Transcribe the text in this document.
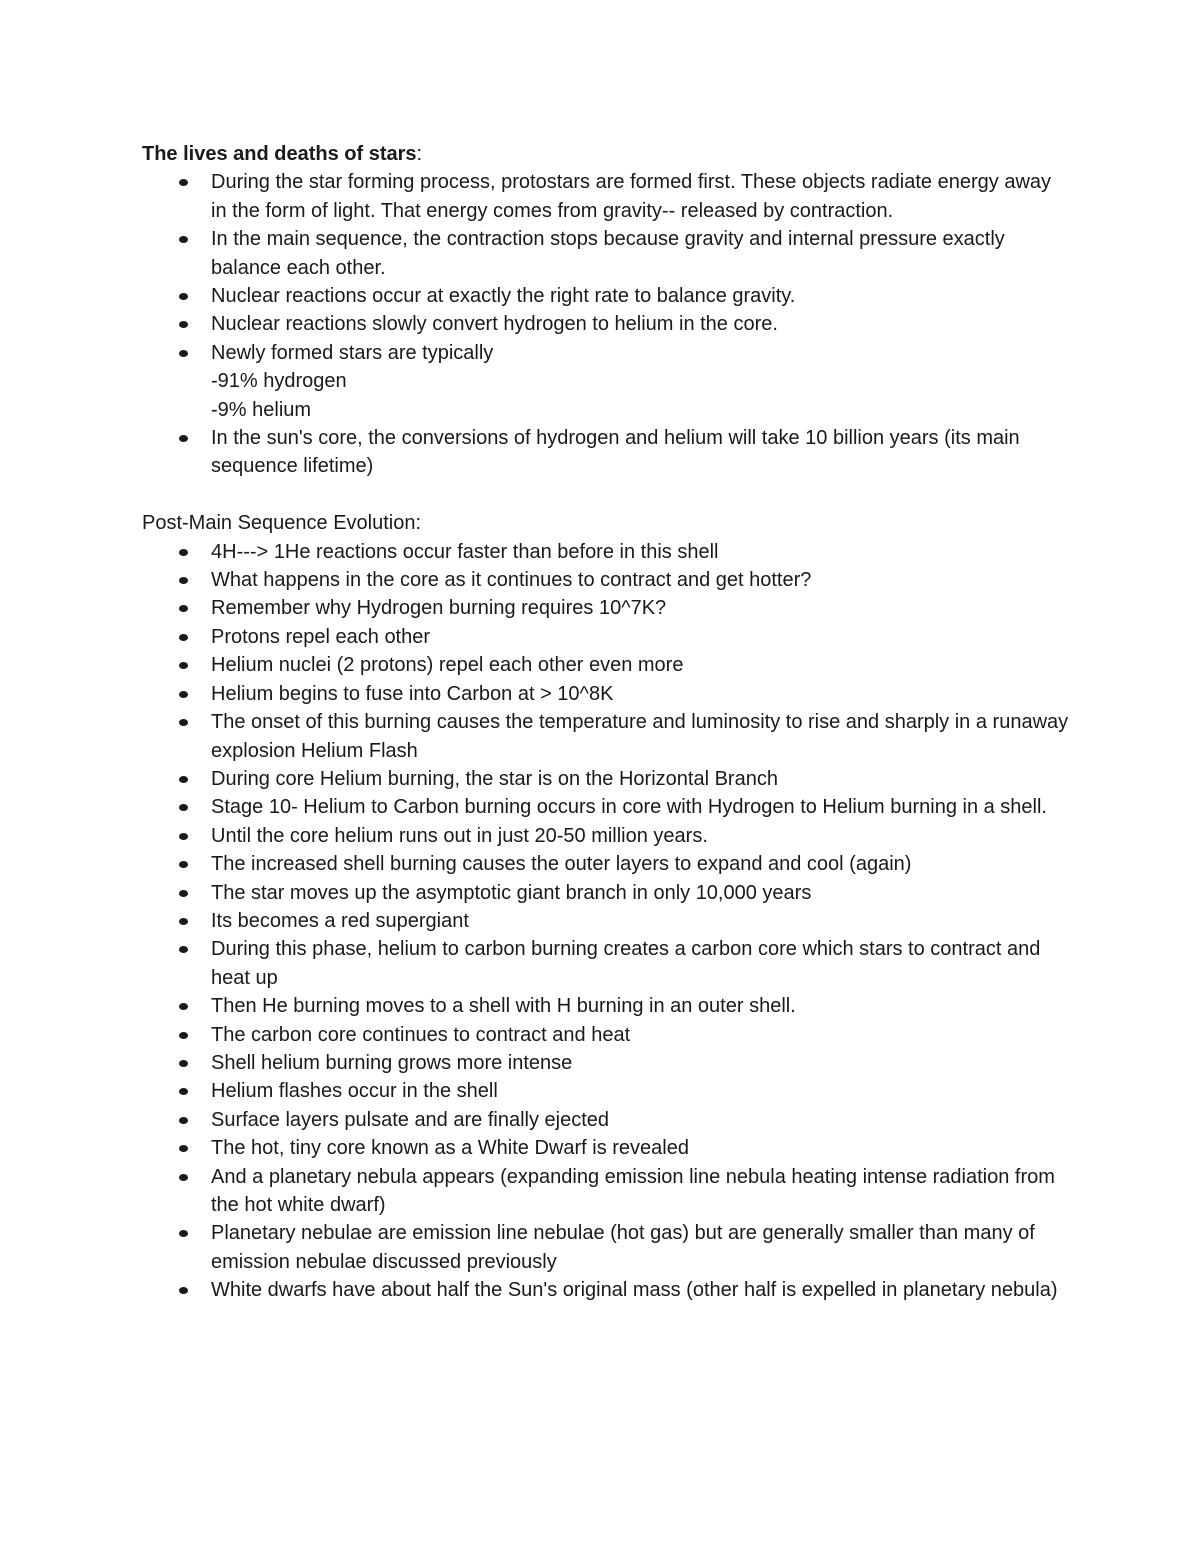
The lives and deaths of stars:

During the star forming process, protostars are formed first. These objects radiate energy away in the form of light. That energy comes from gravity-- released by contraction.
In the main sequence, the contraction stops because gravity and internal pressure exactly balance each other.
Nuclear reactions occur at exactly the right rate to balance gravity.
Nuclear reactions slowly convert hydrogen to helium in the core.
Newly formed stars are typically
-91% hydrogen
-9% helium
In the sun's core, the conversions of hydrogen and helium will take 10 billion years (its main sequence lifetime)

Post-Main Sequence Evolution:

4H---> 1He reactions occur faster than before in this shell
What happens in the core as it continues to contract and get hotter?
Remember why Hydrogen burning requires 10^7K?
Protons repel each other
Helium nuclei (2 protons) repel each other even more
Helium begins to fuse into Carbon at > 10^8K
The onset of this burning causes the temperature and luminosity to rise and sharply in a runaway explosion Helium Flash
During core Helium burning, the star is on the Horizontal Branch
Stage 10- Helium to Carbon burning occurs in core with Hydrogen to Helium burning in a shell.
Until the core helium runs out in just 20-50 million years.
The increased shell burning causes the outer layers to expand and cool (again)
The star moves up the asymptotic giant branch in only 10,000 years
Its becomes a red supergiant
During this phase, helium to carbon burning creates a carbon core which stars to contract and heat up
Then He burning moves to a shell with H burning in an outer shell.
The carbon core continues to contract and heat
Shell helium burning grows more intense
Helium flashes occur in the shell
Surface layers pulsate and are finally ejected
The hot, tiny core known as a White Dwarf is revealed
And a planetary nebula appears (expanding emission line nebula heating intense radiation from the hot white dwarf)
Planetary nebulae are emission line nebulae (hot gas) but are generally smaller than many of emission nebulae discussed previously
White dwarfs have about half the Sun's original mass (other half is expelled in planetary nebula)
